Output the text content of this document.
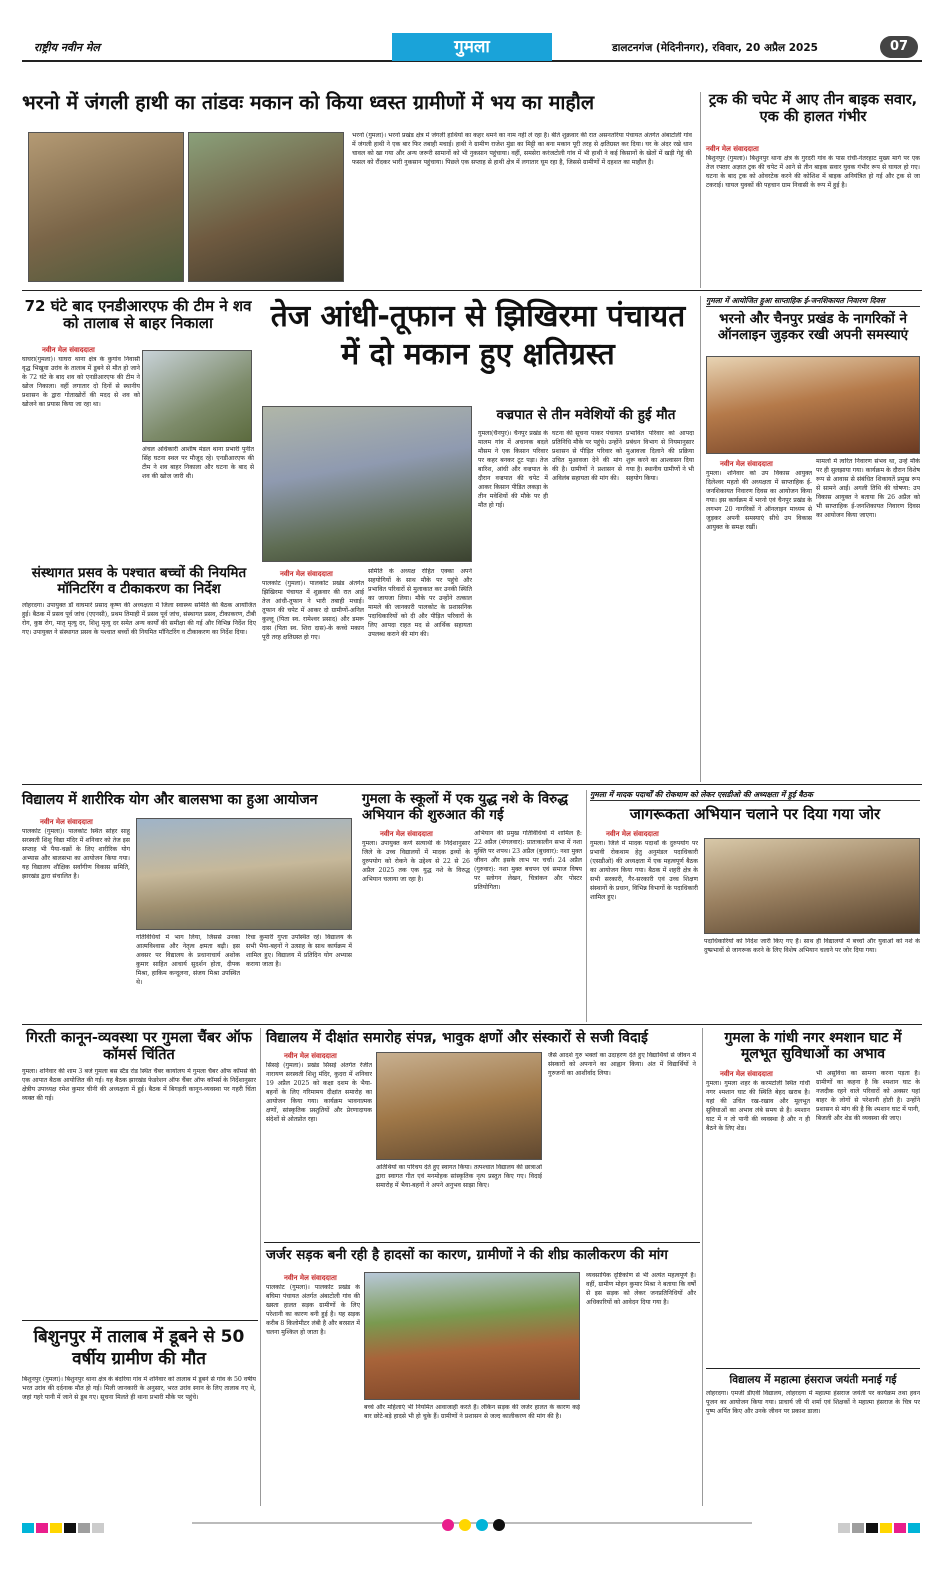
राष्ट्रीय नवीन मेल	गुमला	डालटनगंज (मेदिनीनगर), रविवार, 20 अप्रैल 2025	07
भरनो में जंगली हाथी का तांडवः मकान को किया ध्वस्त ग्रामीणों में भय का माहौल
भरनो (गुमला)। भरनो प्रखंड क्षेत्र में जंगली हाथियों का कहर थमने का नाम नहीं ले रहा है। बीते शुक्रवार की रात असनतरिया पंचायत अंतर्गत अंबाटोली गांव में जंगली हाथी ने एक बार फिर तबाही मचाई। हाथी ने ग्रामीण राजेश मुंडा का मिट्टी का बना मकान पूरी तरह से क्षतिग्रस्त कर दिया। घर के अंदर रखे धान चावल को खा गया और अन्य जरूरी सामानों को भी नुकसान पहुंचाया। वहीं, समसेरा करंजटोली गांव में भी हाथी ने कई किसानों के खेतों में खड़ी गेहूं की फसल को रौंदकर भारी नुकसान पहुंचाया। पिछले एक सप्ताह से हाथी क्षेत्र में लगातार घूम रहा है, जिससे ग्रामीणों में दहशत का माहौल है।
ट्रक की चपेट में आए तीन बाइक सवार, एक की हालत गंभीर
नवीन मेल संवाददाता
बिशुनपुर (गुमला)। बिशुनपुर थाना क्षेत्र के गुरदरी गांव के पास रांची-नेतरहाट मुख्य मार्ग पर एक तेज रफ्तार अज्ञात ट्रक की चपेट में आने से तीन बाइक सवार युवक गंभीर रूप से घायल हो गए। घटना के बाद ट्रक को ओवरटेक करने की कोशिश में बाइक अनियंत्रित हो गई और ट्रक से जा टकराई। घायल युवकों की पहचान ग्राम निवासी के रूप में हुई है।
72 घंटे बाद एनडीआरएफ की टीम ने शव को तालाब से बाहर निकाला
नवीन मेल संवाददाता
घाघरा(गुमला)। घाघरा थाना क्षेत्र के कुगांव निवासी वृद्ध भिखुवा उरांव के तालाब में डूबने से मौत हो जाने के 72 घंटे के बाद शव को एनडीआरएफ की टीम ने खोज निकाला। वहीं लगातार दो दिनों से स्थानीय प्रशासन के द्वारा गोताखोरों की मदद से शव को खोजने का प्रयास किया जा रहा था।
अंचल अधिकारी आशीष मंडल थाना प्रभारी पुनीत सिंह घटना स्थल पर मौजूद रहे। एनडीआरएफ की टीम ने शव बाहर निकाला और घटना के बाद से शव की खोज जारी थी।
तेज आंधी-तूफान से झिखिरमा पंचायत में दो मकान हुए क्षतिग्रस्त
नवीन मेल संवाददाता
पालकोट (गुमला)। पालकोट प्रखंड अंतर्गत झिखिरमा पंचायत में शुक्रवार की रात आई तेज आंधी-तूफान ने भारी तबाही मचाई। तूफान की चपेट में आकर दो ग्रामीणों-अनिल कुल्लू (पिता स्व. रामेश्वर प्रसाद) और डमरू दास (पिता स्व. शिरा दास)-के कच्चे मकान पूरी तरह क्षतिग्रस्त हो गए।
समिति के अध्यक्ष रोहित एक्का अपने सहयोगियों के साथ मौके पर पहुंचे और प्रभावित परिवारों से मुलाकात कर उनकी स्थिति का जायजा लिया। मौके पर उन्होंने तत्काल मामले की जानकारी पालकोट के प्रशासनिक पदाधिकारियों को दी और पीड़ित परिवारों के लिए आपदा राहत मद से आर्थिक सहायता उपलब्ध कराने की मांग की।
वज्रपात से तीन मवेशियों की हुई मौत
गुमला(चैनपुर)। चैनपुर प्रखंड के मालम गांव में अचानक बदले मौसम ने एक किसान परिवार पर कहर बनकर टूट पड़ा। तेज बारिश, आंधी और वज्रपात के दौरान वज्रपात की चपेट में आकर किसान पीडित लकड़ा के तीन मवेशियों की मौके पर ही मौत हो गई।
घटना की सूचना पाकर पंचायत प्रतिनिधि मौके पर पहुंचे। उन्होंने प्रशासन से पीड़ित परिवार को उचित मुआवजा देने की मांग की है। ग्रामीणों ने प्रशासन से अविलंब सहायता की मांग की।
प्रभावित परिवार को आपदा प्रबंधन विभाग से नियमानुसार मुआवजा दिलाने की प्रक्रिया शुरू करने का आश्वासन दिया गया है। स्थानीय ग्रामीणों ने भी सहयोग किया।
गुमला में आयोजित हुआ साप्ताहिक ई-जनशिकायत निवारण दिवस
भरनो और चैनपुर प्रखंड के नागरिकों ने ऑनलाइन जुड़कर रखी अपनी समस्याएं
नवीन मेल संवाददाता
गुमला। शनिवार को उप विकास आयुक्त दिलेश्वर महतो की अध्यक्षता में साप्ताहिक ई-जनशिकायत निवारण दिवस का आयोजन किया गया। इस कार्यक्रम में भरनो एवं चैनपुर प्रखंड के लगभग 20 नागरिकों ने ऑनलाइन माध्यम से जुड़कर अपनी समस्याएं सीधे उप विकास आयुक्त के समक्ष रखीं।
मामलों में त्वरित निवारण संभव था, उन्हें मौके पर ही सुलझाया गया। कार्यक्रम के दौरान विशेष रूप से आवास से संबंधित शिकायतें प्रमुख रूप से सामने आईं। अगली तिथि की घोषणा: उप विकास आयुक्त ने बताया कि 26 अप्रैल को भी साप्ताहिक ई-जनशिकायत निवारण दिवस का आयोजन किया जाएगा।
संस्थागत प्रसव के पश्चात बच्चों की नियमित मॉनिटरिंग व टीकाकरण का निर्देश
लोहरदगा। उपायुक्त डॉ वाघमारे प्रसाद कृष्ण की अध्यक्षता में जिला स्वास्थ्य समिति की बैठक आयोजित हुई। बैठक में प्रसव पूर्व जांच (एएनसी), प्रथम तिमाही में प्रसव पूर्व जांच, संस्थागत प्रसव, टीकाकरण, टीबी रोग, कुष्ठ रोग, मातृ मृत्यु दर, शिशु मृत्यु दर समेत अन्य कार्यों की समीक्षा की गई और विभिन्न निर्देश दिए गए। उपायुक्त ने संस्थागत प्रसव के पश्चात बच्चों की नियमित मॉनिटरिंग व टीकाकरण का निर्देश दिया।
विद्यालय में शारीरिक योग और बालसभा का हुआ आयोजन
नवीन मेल संवाददाता
पालकोट (गुमला)। पालकोट स्थित सोहर साहू सरस्वती शिशु विद्या मंदिर में शनिवार को तेज इस सप्ताह भी पैया-चक्रों के लिए शारीरिक योग अभ्यास और बालसभा का आयोजन किया गया। यह विद्यालय शौक्षिक सर्वांगीण विकास समिति, झारखंड द्वारा संचालित है।
गतिविधियों में भाग लिया, जिससे उनका आत्मविश्वास और नेतृत्व क्षमता बढ़ी। इस अवसर पर विद्यालय के प्रधानाचार्य अशोक कुमार साहित आचार्य सुदर्शन होता, दीपक मिश्रा, हाकिम कन्दूलना, संजय मिश्रा उपस्थित थे।
रिचा कुमारी गुप्ता उपस्थित रहे। विद्यालय के सभी भैया-बहनों ने उत्साह के साथ कार्यक्रम में शामिल हुए। विद्यालय में प्रतिदिन योग अभ्यास कराया जाता है।
गुमला के स्कूलों में एक युद्ध नशे के विरुद्ध अभियान की शुरुआत की गई
नवीन मेल संवाददाता
गुमला। उपायुक्त कर्ण सत्यार्थी के निर्देशानुसार जिले के उच्च विद्यालयों में मादक द्रव्यों के दुरुपयोग को रोकने के उद्देश्य से 22 से 26 अप्रैल 2025 तक एक युद्ध नशे के विरुद्ध अभियान चलाया जा रहा है।
अभियान की प्रमुख गतिविधियों में शामिल हैं: 22 अप्रैल (मंगलवार): प्रातःकालीन सभा में नशा मुक्ति पर शपथ। 23 अप्रैल (बुधवार): नशा मुक्त जीवन और इसके लाभ पर चर्चा। 24 अप्रैल (गुरुवार): नशा मुक्त बचपन एवं समाज विषय पर स्लोगन लेखन, चित्रांकन और पोस्टर प्रतियोगिता।
गुमला में मादक पदार्थों की रोकथाम को लेकर एसडीओ की अध्यक्षता में हुई बैठक
जागरूकता अभियान चलाने पर दिया गया जोर
नवीन मेल संवाददाता
गुमला। जिले में मादक पदार्थों के दुरुपयोग पर प्रभावी रोकथाम हेतु अनुमंडल पदाधिकारी (एसडीओ) की अध्यक्षता में एक महत्वपूर्ण बैठक का आयोजन किया गया। बैठक में शहरी क्षेत्र के सभी सरकारी, गैर-सरकारी एवं उच्च शिक्षण संस्थानों के प्रधान, विभिन्न विभागों के पदाधिकारी शामिल हुए।
पदाधिकारियों को निर्देश जारी किए गए हैं। साथ ही विद्यालयों में बच्चों और युवाओं को नशे के दुष्प्रभावों से जागरूक करने के लिए विशेष अभियान चलाने पर जोर दिया गया।
गिरती कानून-व्यवस्था पर गुमला चैंबर ऑफ कॉमर्स चिंतित
गुमला। शनिवार की शाम 3 बजे गुमला बस स्टैंड रोड स्थित चैंबर कार्यालय में गुमला चैंबर ऑफ कॉमर्स की एक आपात बैठक आयोजित की गई। यह बैठक झारखंड फेडरेशन ऑफ चैंबर ऑफ कॉमर्स के निर्देशानुसार क्षेत्रीय उपाध्यक्ष रमेश कुमार चीनी की अध्यक्षता में हुई। बैठक में बिगड़ती कानून-व्यवस्था पर गहरी चिंता व्यक्त की गई।
बिशुनपुर में तालाब में डूबने से 50 वर्षीय ग्रामीण की मौत
बिशुनपुर (गुमला)। बिशुनपुर थाना क्षेत्र के बंदरिया गांव में शनिवार को तालाब में डूबने से गांव के 50 वर्षीय भरत उरांव की दर्दनाक मौत हो गई। मिली जानकारी के अनुसार, भरत उरांव स्नान के लिए तालाब गए थे, जहां गहरे पानी में जाने से डूब गए। सूचना मिलते ही थाना प्रभारी मौके पर पहुंचे।
विद्यालय में दीक्षांत समारोह संपन्न, भावुक क्षणों और संस्कारों से सजी विदाई
नवीन मेल संवाददाता
सिसई (गुमला)। प्रखंड सिसई अंतर्गत रेंजीत नारायण सरस्वती शिशु मंदिर, कुदरा में शनिवार 19 अप्रैल 2025 को कक्षा दशम के भैया-बहनों के लिए गरिमामय दीक्षांत समारोह का आयोजन किया गया। कार्यक्रम भावनात्मक क्षणों, सांस्कृतिक प्रस्तुतियों और प्रेरणादायक संदेशों से ओतप्रोत रहा।
अतिथियों का परिचय देते हुए स्वागत किया। तत्पश्चात विद्यालय की छात्राओं द्वारा स्वागत गीत एवं मनमोहक सांस्कृतिक नृत्य प्रस्तुत किए गए। विदाई समारोह में भैया-बहनों ने अपने अनुभव साझा किए।
जैसे आदर्श गुरु भक्तों का उदाहरण देते हुए विद्यार्थियों से जीवन में संस्कारों को अपनाने का आह्वान किया। अंत में विद्यार्थियों ने गुरुजनों का आशीर्वाद लिया।
जर्जर सड़क बनी रही है हादसों का कारण, ग्रामीणों ने की शीघ्र कालीकरण की मांग
नवीन मेल संवाददाता
पालकोट (गुमला)। पालकोट प्रखंड के बघिमा पंचायत अंतर्गत अंबाटोली गांव की खस्ता हालत सड़क ग्रामीणों के लिए परेशानी का कारण बनी हुई है। यह सड़क करीब 8 किलोमीटर लंबी है और बरसात में चलना मुश्किल हो जाता है।
बच्चे और महिलाएं भी नियमित आवाजाही करते हैं। लेकिन सड़क की जर्जर हालत के कारण कई बार छोटे-बड़े हादसे भी हो चुके हैं। ग्रामीणों ने प्रशासन से जल्द कालीकरण की मांग की है।
व्यवसायिक दृष्टिकोण से भी अत्यंत महत्वपूर्ण है। वहीं, ग्रामीण मोहन कुमार मिश्रा ने बताया कि वर्षों से इस सड़क को लेकर जनप्रतिनिधियों और अधिकारियों को आवेदन दिया गया है।
गुमला के गांधी नगर श्मशान घाट में मूलभूत सुविधाओं का अभाव
नवीन मेल संवाददाता
गुमला। गुमला शहर के करमटोली स्थित गांधी नगर श्मशान घाट की स्थिति बेहद खराब है। यहां की उचित रख-रखाव और मूलभूत सुविधाओं का अभाव लंबे समय से है। श्मशान घाट में न तो पानी की व्यवस्था है और न ही बैठने के लिए शेड।
भी असुविधा का सामना करना पड़ता है। ग्रामीणों का कहना है कि श्मशान घाट के नजदीक रहने वाले परिवारों को अक्सर यहां बाहर के लोगों से परेशानी होती है। उन्होंने प्रशासन से मांग की है कि श्मशान घाट में पानी, बिजली और शेड की व्यवस्था की जाए।
विद्यालय में महात्मा हंसराज जयंती मनाई गई
लोहरदगा। एमजी डीएवी विद्यालय, लोहरदगा में महात्मा हंसराज जयंती पर कार्यक्रम तथा हवन पूजन का आयोजन किया गया। प्राचार्य जी पी शर्मा एवं शिक्षकों ने महात्मा हंसराज के चित्र पर पुष्प अर्पित किए और उनके जीवन पर प्रकाश डाला।
